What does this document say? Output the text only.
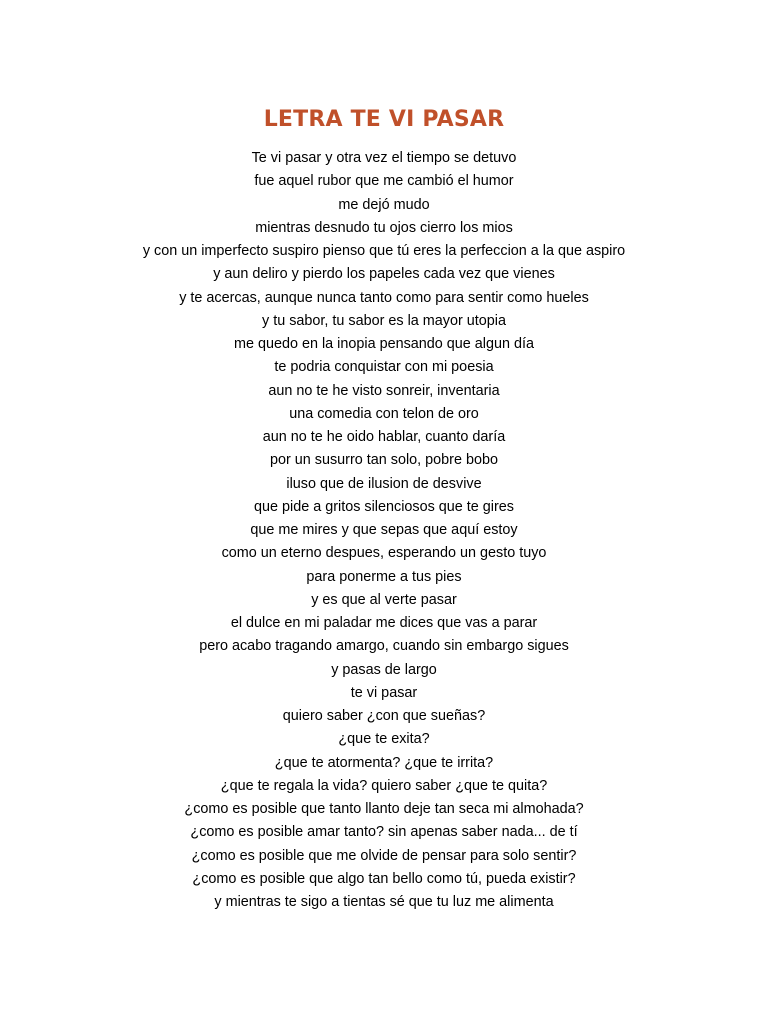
LETRA TE VI PASAR
Te vi pasar y otra vez el tiempo se detuvo
fue aquel rubor que me cambió el humor
me dejó mudo
mientras desnudo tu ojos cierro los mios
y con un imperfecto suspiro pienso que tú eres la perfeccion a la que aspiro
y aun deliro y pierdo los papeles cada vez que vienes
y te acercas, aunque nunca tanto como para sentir como hueles
y tu sabor, tu sabor es la mayor utopia
me quedo en la inopia pensando que algun día
te podria conquistar con mi poesia
aun no te he visto sonreir, inventaria
una comedia con telon de oro
aun no te he oido hablar, cuanto daría
por un susurro tan solo, pobre bobo
iluso que de ilusion de desvive
que pide a gritos silenciosos que te gires
que me mires y que sepas que aquí estoy
como un eterno despues, esperando un gesto tuyo
para ponerme a tus pies
y es que al verte pasar
el dulce en mi paladar me dices que vas a parar
pero acabo tragando amargo, cuando sin embargo sigues
y pasas de largo
te vi pasar
quiero saber ¿con que sueñas?
¿que te exita?
¿que te atormenta? ¿que te irrita?
¿que te regala la vida? quiero saber ¿que te quita?
¿como es posible que tanto llanto deje tan seca mi almohada?
¿como es posible amar tanto? sin apenas saber nada... de tí
¿como es posible que me olvide de pensar para solo sentir?
¿como es posible que algo tan bello como tú, pueda existir?
y mientras te sigo a tientas sé que tu luz me alimenta
